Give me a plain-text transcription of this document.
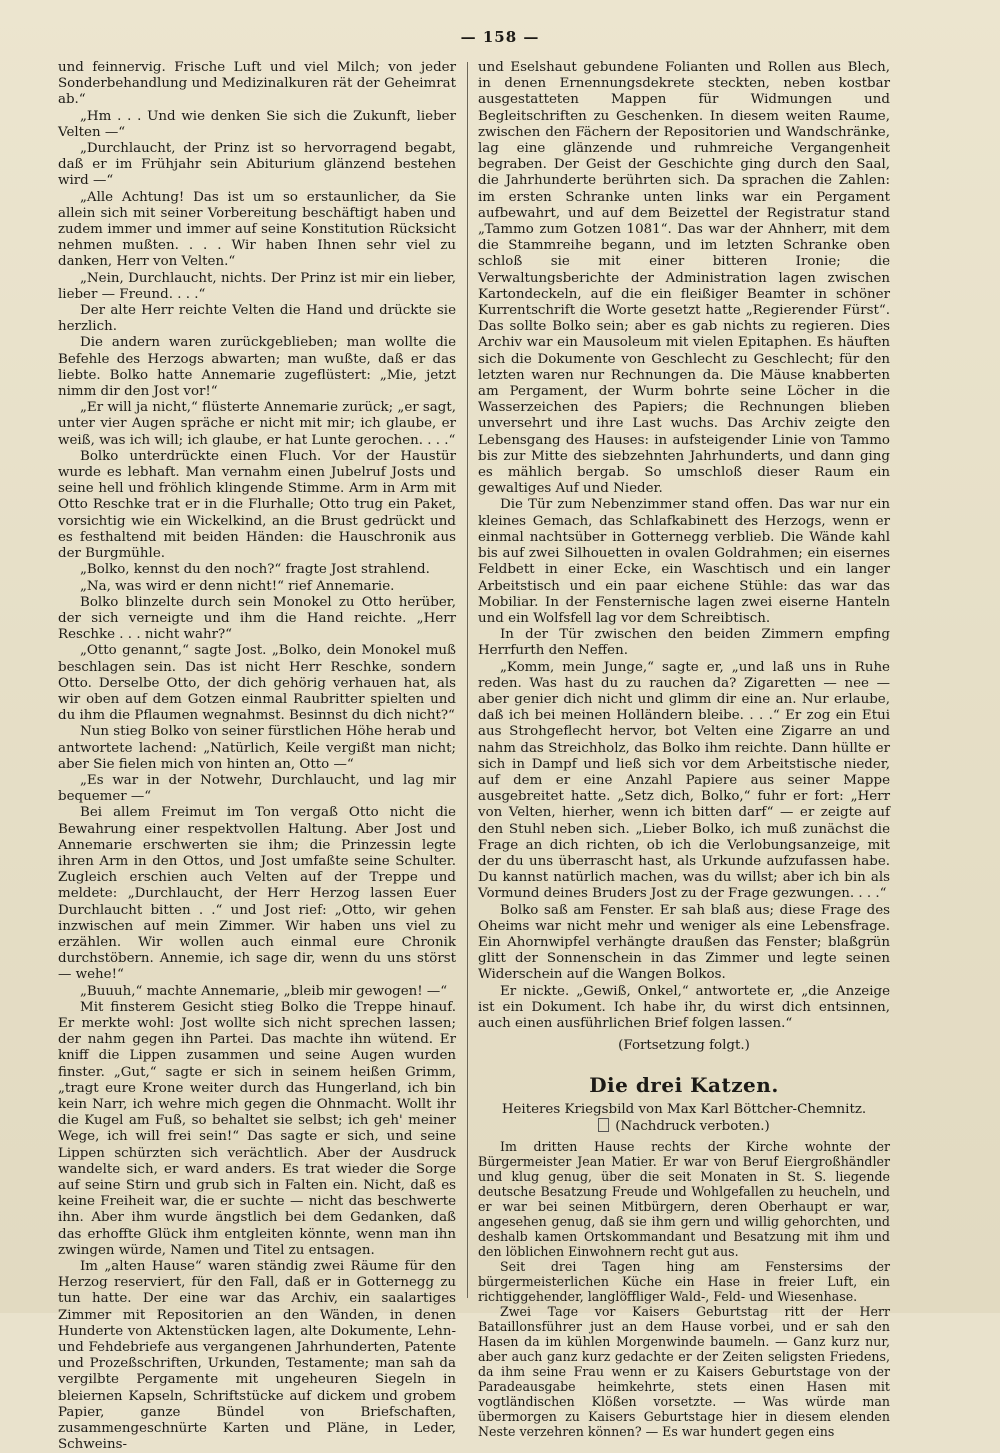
— 158 —

und feinnervig. Frische Luft und viel Milch; von jeder Sonderbehandlung und Medizinalkuren rät der Geheimrat ab.“

„Hm . . . Und wie denken Sie sich die Zukunft, lieber Velten —“

„Durchlaucht, der Prinz ist so hervorragend begabt, daß er im Frühjahr sein Abiturium glänzend bestehen wird —“

„Alle Achtung! Das ist um so erstaunlicher, da Sie allein sich mit seiner Vorbereitung beschäftigt haben und zudem immer und immer auf seine Konstitution Rücksicht nehmen mußten. . . . Wir haben Ihnen sehr viel zu danken, Herr von Velten.“

„Nein, Durchlaucht, nichts. Der Prinz ist mir ein lieber, lieber — Freund. . . .“

Der alte Herr reichte Velten die Hand und drückte sie herzlich.

Die andern waren zurückgeblieben; man wollte die Befehle des Herzogs abwarten; man wußte, daß er das liebte. Bolko hatte Annemarie zugeflüstert: „Mie, jetzt nimm dir den Jost vor!“

„Er will ja nicht,“ flüsterte Annemarie zurück; „er sagt, unter vier Augen spräche er nicht mit mir; ich glaube, er weiß, was ich will; ich glaube, er hat Lunte gerochen. . . .“

Bolko unterdrückte einen Fluch. Vor der Haustür wurde es lebhaft. Man vernahm einen Jubelruf Josts und seine hell und fröhlich klingende Stimme. Arm in Arm mit Otto Reschke trat er in die Flurhalle; Otto trug ein Paket, vorsichtig wie ein Wickelkind, an die Brust gedrückt und es festhaltend mit beiden Händen: die Hauschronik aus der Burgmühle.

„Bolko, kennst du den noch?“ fragte Jost strahlend.

„Na, was wird er denn nicht!“ rief Annemarie.

Bolko blinzelte durch sein Monokel zu Otto herüber, der sich verneigte und ihm die Hand reichte. „Herr Reschke . . . nicht wahr?“

„Otto genannt,“ sagte Jost. „Bolko, dein Monokel muß beschlagen sein. Das ist nicht Herr Reschke, sondern Otto. Derselbe Otto, der dich gehörig verhauen hat, als wir oben auf dem Gotzen einmal Raubritter spielten und du ihm die Pflaumen wegnahmst. Besinnst du dich nicht?“

Nun stieg Bolko von seiner fürstlichen Höhe herab und antwortete lachend: „Natürlich, Keile vergißt man nicht; aber Sie fielen mich von hinten an, Otto —“

„Es war in der Notwehr, Durchlaucht, und lag mir bequemer —“

Bei allem Freimut im Ton vergaß Otto nicht die Bewahrung einer respektvollen Haltung. Aber Jost und Annemarie erschwerten sie ihm; die Prinzessin legte ihren Arm in den Ottos, und Jost umfaßte seine Schulter. Zugleich erschien auch Velten auf der Treppe und meldete: „Durchlaucht, der Herr Herzog lassen Euer Durchlaucht bitten . .“ und Jost rief: „Otto, wir gehen inzwischen auf mein Zimmer. Wir haben uns viel zu erzählen. Wir wollen auch einmal eure Chronik durchstöbern. Annemie, ich sage dir, wenn du uns störst — wehe!“

„Buuuh,“ machte Annemarie, „bleib mir gewogen! —“

Mit finsterem Gesicht stieg Bolko die Treppe hinauf. Er merkte wohl: Jost wollte sich nicht sprechen lassen; der nahm gegen ihn Partei. Das machte ihn wütend. Er kniff die Lippen zusammen und seine Augen wurden finster. „Gut,“ sagte er sich in seinem heißen Grimm, „tragt eure Krone weiter durch das Hungerland, ich bin kein Narr, ich wehre mich gegen die Ohnmacht. Wollt ihr die Kugel am Fuß, so behaltet sie selbst; ich geh' meiner Wege, ich will frei sein!“ Das sagte er sich, und seine Lippen schürzten sich verächtlich. Aber der Ausdruck wandelte sich, er ward anders. Es trat wieder die Sorge auf seine Stirn und grub sich in Falten ein. Nicht, daß es keine Freiheit war, die er suchte — nicht das beschwerte ihn. Aber ihm wurde ängstlich bei dem Gedanken, daß das erhoffte Glück ihm entgleiten könnte, wenn man ihn zwingen würde, Namen und Titel zu entsagen.

Im „alten Hause“ waren ständig zwei Räume für den Herzog reserviert, für den Fall, daß er in Gotternegg zu tun hatte. Der eine war das Archiv, ein saalartiges Zimmer mit Repositorien an den Wänden, in denen Hunderte von Aktenstücken lagen, alte Dokumente, Lehn- und Fehdebriefe aus vergangenen Jahrhunderten, Patente und Prozeßschriften, Urkunden, Testamente; man sah da vergilbte Pergamente mit ungeheuren Siegeln in bleiernen Kapseln, Schriftstücke auf dickem und grobem Papier, ganze Bündel von Briefschaften, zusammengeschnürte Karten und Pläne, in Leder, Schweins-

und Eselshaut gebundene Folianten und Rollen aus Blech, in denen Ernennungsdekrete steckten, neben kostbar ausgestatteten Mappen für Widmungen und Begleitschriften zu Geschenken. In diesem weiten Raume, zwischen den Fächern der Repositorien und Wandschränke, lag eine glänzende und ruhmreiche Vergangenheit begraben. Der Geist der Geschichte ging durch den Saal, die Jahrhunderte berührten sich. Da sprachen die Zahlen: im ersten Schranke unten links war ein Pergament aufbewahrt, und auf dem Beizettel der Registratur stand „Tammo zum Gotzen 1081“. Das war der Ahnherr, mit dem die Stammreihe begann, und im letzten Schranke oben schloß sie mit einer bitteren Ironie; die Verwaltungsberichte der Administration lagen zwischen Kartondeckeln, auf die ein fleißiger Beamter in schöner Kurrentschrift die Worte gesetzt hatte „Regierender Fürst“. Das sollte Bolko sein; aber es gab nichts zu regieren. Dies Archiv war ein Mausoleum mit vielen Epitaphen. Es häuften sich die Dokumente von Geschlecht zu Geschlecht; für den letzten waren nur Rechnungen da. Die Mäuse knabberten am Pergament, der Wurm bohrte seine Löcher in die Wasserzeichen des Papiers; die Rechnungen blieben unversehrt und ihre Last wuchs. Das Archiv zeigte den Lebensgang des Hauses: in aufsteigender Linie von Tammo bis zur Mitte des siebzehnten Jahrhunderts, und dann ging es mählich bergab. So umschloß dieser Raum ein gewaltiges Auf und Nieder.

Die Tür zum Nebenzimmer stand offen. Das war nur ein kleines Gemach, das Schlafkabinett des Herzogs, wenn er einmal nachtsüber in Gotternegg verblieb. Die Wände kahl bis auf zwei Silhouetten in ovalen Goldrahmen; ein eisernes Feldbett in einer Ecke, ein Waschtisch und ein langer Arbeitstisch und ein paar eichene Stühle: das war das Mobiliar. In der Fensternische lagen zwei eiserne Hanteln und ein Wolfsfell lag vor dem Schreibtisch.

In der Tür zwischen den beiden Zimmern empfing Herrfurth den Neffen.

„Komm, mein Junge,“ sagte er, „und laß uns in Ruhe reden. Was hast du zu rauchen da? Zigaretten — nee — aber genier dich nicht und glimm dir eine an. Nur erlaube, daß ich bei meinen Holländern bleibe. . . .“ Er zog ein Etui aus Strohgeflecht hervor, bot Velten eine Zigarre an und nahm das Streichholz, das Bolko ihm reichte. Dann hüllte er sich in Dampf und ließ sich vor dem Arbeitstische nieder, auf dem er eine Anzahl Papiere aus seiner Mappe ausgebreitet hatte. „Setz dich, Bolko,“ fuhr er fort: „Herr von Velten, hierher, wenn ich bitten darf“ — er zeigte auf den Stuhl neben sich. „Lieber Bolko, ich muß zunächst die Frage an dich richten, ob ich die Verlobungsanzeige, mit der du uns überrascht hast, als Urkunde aufzufassen habe. Du kannst natürlich machen, was du willst; aber ich bin als Vormund deines Bruders Jost zu der Frage gezwungen. . . .“

Bolko saß am Fenster. Er sah blaß aus; diese Frage des Oheims war nicht mehr und weniger als eine Lebensfrage. Ein Ahornwipfel verhängte draußen das Fenster; blaßgrün glitt der Sonnenschein in das Zimmer und legte seinen Widerschein auf die Wangen Bolkos.

Er nickte. „Gewiß, Onkel,“ antwortete er, „die Anzeige ist ein Dokument. Ich habe ihr, du wirst dich entsinnen, auch einen ausführlichen Brief folgen lassen.“

(Fortsetzung folgt.)

Die drei Katzen.
Heiteres Kriegsbild von Max Karl Böttcher-Chemnitz.
(Nachdruck verboten.)

Im dritten Hause rechts der Kirche wohnte der Bürgermeister Jean Matier. Er war von Beruf Eiergroßhändler und klug genug, über die seit Monaten in St. S. liegende deutsche Besatzung Freude und Wohlgefallen zu heucheln, und er war bei seinen Mitbürgern, deren Oberhaupt er war, angesehen genug, daß sie ihm gern und willig gehorchten, und deshalb kamen Ortskommandant und Besatzung mit ihm und den löblichen Einwohnern recht gut aus.

Seit drei Tagen hing am Fenstersims der bürgermeisterlichen Küche ein Hase in freier Luft, ein richtiggehender, langlöffliger Wald-, Feld- und Wiesenhase.

Zwei Tage vor Kaisers Geburtstag ritt der Herr Bataillonsführer just an dem Hause vorbei, und er sah den Hasen da im kühlen Morgenwinde baumeln. — Ganz kurz nur, aber auch ganz kurz gedachte er der Zeiten seligsten Friedens, da ihm seine Frau wenn er zu Kaisers Geburtstage von der Paradeausgabe heimkehrte, stets einen Hasen mit vogtländischen Klößen vorsetzte. — Was würde man übermorgen zu Kaisers Geburtstage hier in diesem elenden Neste verzehren können? — Es war hundert gegen eins
